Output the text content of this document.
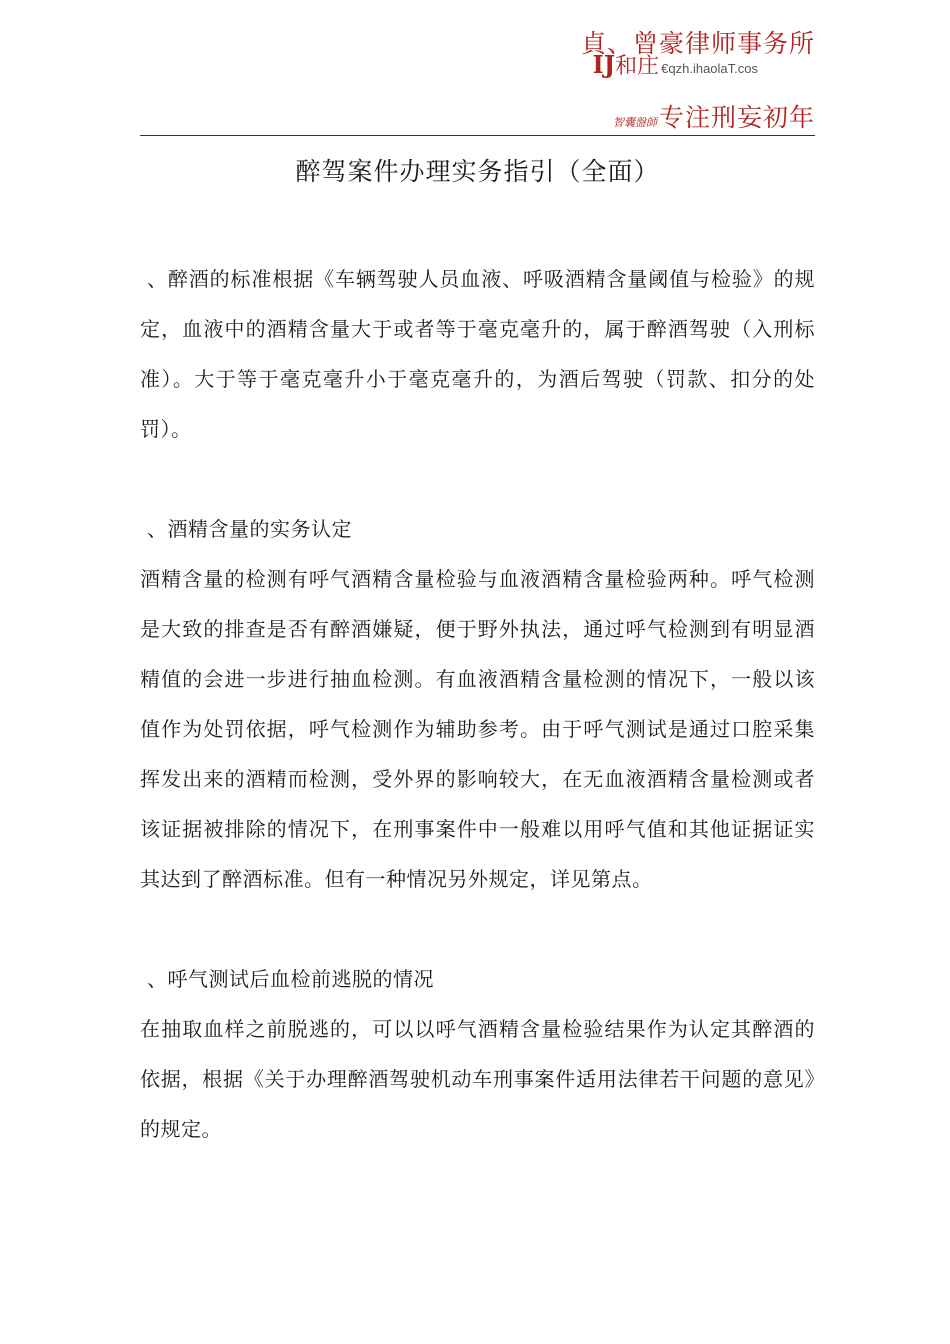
貞、曾豪律师事务所
IJ和庄 €qzh.ihaolaT.cos
智囊盤師专注刑妄初年
醉驾案件办理实务指引（全面）

、醉酒的标准根据《车辆驾驶人员血液、呼吸酒精含量阈值与检验》的规定，血液中的酒精含量大于或者等于毫克毫升的，属于醉酒驾驶（入刑标准）。大于等于毫克毫升小于毫克毫升的，为酒后驾驶（罚款、扣分的处罚）。

、酒精含量的实务认定

酒精含量的检测有呼气酒精含量检验与血液酒精含量检验两种。呼气检测是大致的排查是否有醉酒嫌疑，便于野外执法，通过呼气检测到有明显酒精值的会进一步进行抽血检测。有血液酒精含量检测的情况下，一般以该值作为处罚依据，呼气检测作为辅助参考。由于呼气测试是通过口腔采集挥发出来的酒精而检测，受外界的影响较大，在无血液酒精含量检测或者该证据被排除的情况下，在刑事案件中一般难以用呼气值和其他证据证实其达到了醉酒标准。但有一种情况另外规定，详见第点。

、呼气测试后血检前逃脱的情况

在抽取血样之前脱逃的，可以以呼气酒精含量检验结果作为认定其醉酒的依据，根据《关于办理醉酒驾驶机动车刑事案件适用法律若干问题的意见》的规定。
